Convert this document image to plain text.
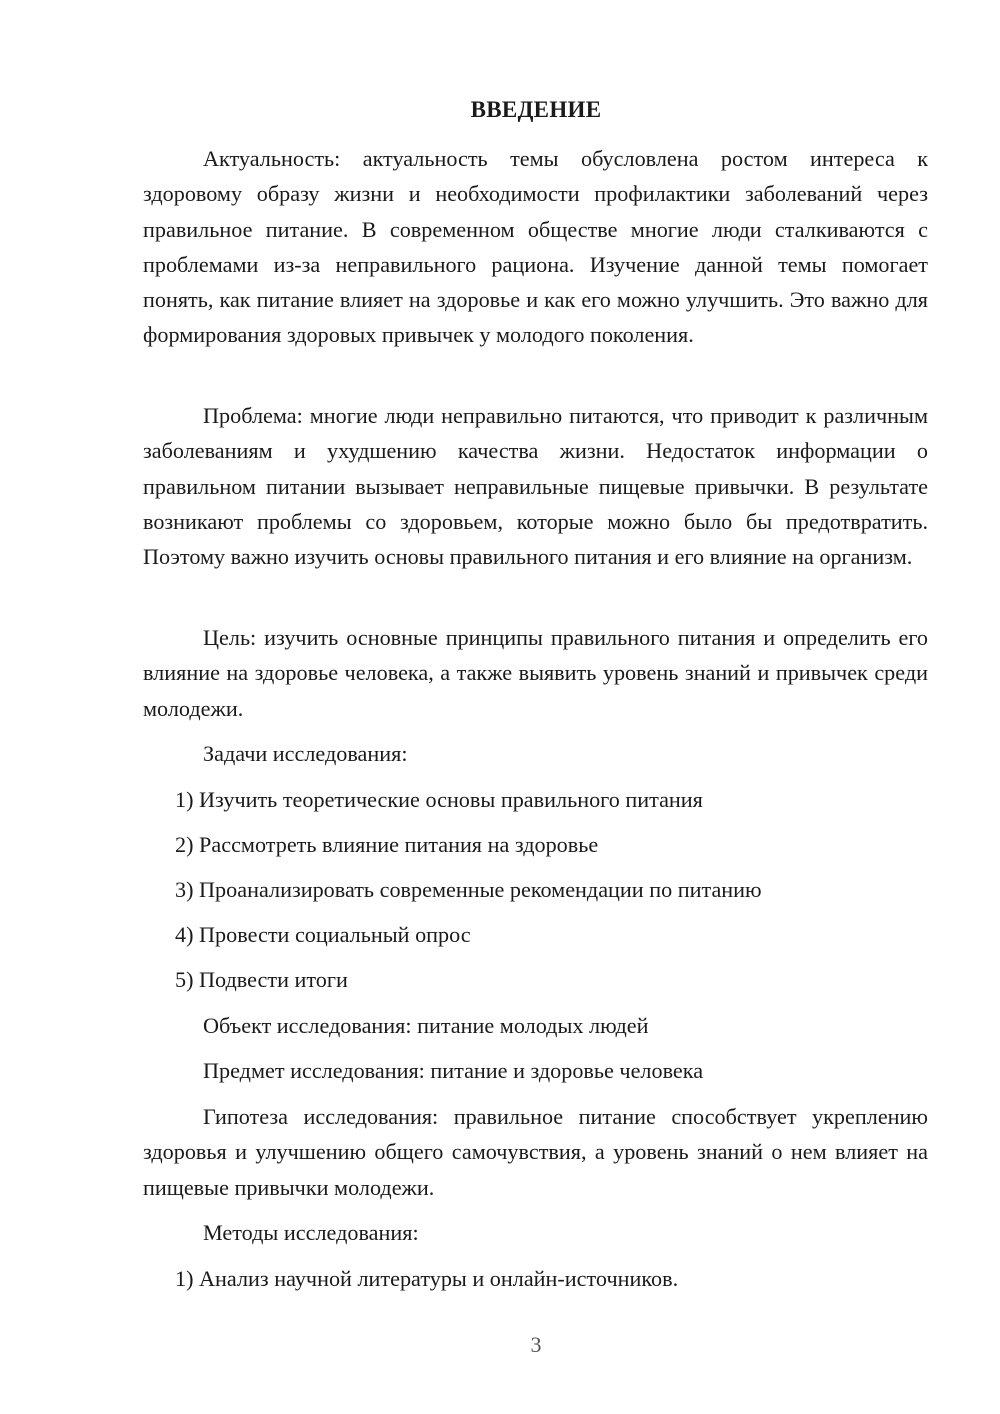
ВВЕДЕНИЕ

Актуальность: актуальность темы обусловлена ростом интереса к здоровому образу жизни и необходимости профилактики заболеваний через правильное питание. В современном обществе многие люди сталкиваются с проблемами из-за неправильного рациона. Изучение данной темы помогает понять, как питание влияет на здоровье и как его можно улучшить. Это важно для формирования здоровых привычек у молодого поколения.

Проблема: многие люди неправильно питаются, что приводит к различным заболеваниям и ухудшению качества жизни. Недостаток информации о правильном питании вызывает неправильные пищевые привычки. В результате возникают проблемы со здоровьем, которые можно было бы предотвратить. Поэтому важно изучить основы правильного питания и его влияние на организм.

Цель: изучить основные принципы правильного питания и определить его влияние на здоровье человека, а также выявить уровень знаний и привычек среди молодежи.

Задачи исследования:

1) Изучить теоретические основы правильного питания

2) Рассмотреть влияние питания на здоровье

3) Проанализировать современные рекомендации по питанию

4) Провести социальный опрос

5) Подвести итоги

Объект исследования: питание молодых людей

Предмет исследования: питание и здоровье человека

Гипотеза исследования: правильное питание способствует укреплению здоровья и улучшению общего самочувствия, а уровень знаний о нем влияет на пищевые привычки молодежи.

Методы исследования:

1) Анализ научной литературы и онлайн-источников.

3
